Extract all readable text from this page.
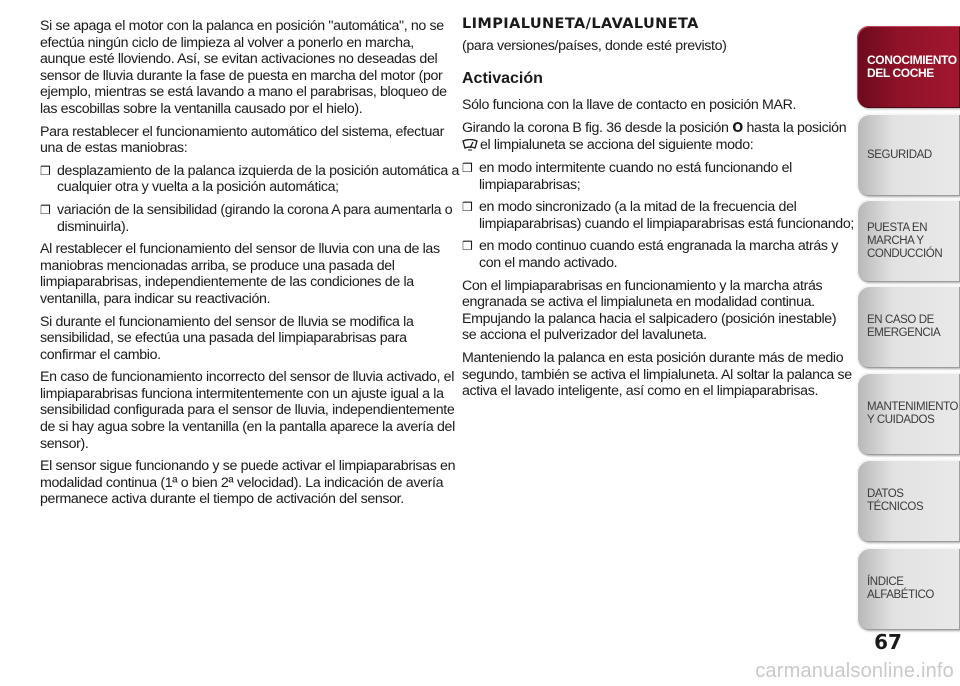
Si se apaga el motor con la palanca en posición "automática", no se efectúa ningún ciclo de limpieza al volver a ponerlo en marcha, aunque esté lloviendo. Así, se evitan activaciones no deseadas del sensor de lluvia durante la fase de puesta en marcha del motor (por ejemplo, mientras se está lavando a mano el parabrisas, bloqueo de las escobillas sobre la ventanilla causado por el hielo).

Para restablecer el funcionamiento automático del sistema, efectuar una de estas maniobras:

❒ desplazamiento de la palanca izquierda de la posición automática a cualquier otra y vuelta a la posición automática;
❒ variación de la sensibilidad (girando la corona A para aumentarla o disminuirla).

Al restablecer el funcionamiento del sensor de lluvia con una de las maniobras mencionadas arriba, se produce una pasada del limpiaparabrisas, independientemente de las condiciones de la ventanilla, para indicar su reactivación.

Si durante el funcionamiento del sensor de lluvia se modifica la sensibilidad, se efectúa una pasada del limpiaparabrisas para confirmar el cambio.

En caso de funcionamiento incorrecto del sensor de lluvia activado, el limpiaparabrisas funciona intermitentemente con un ajuste igual a la sensibilidad configurada para el sensor de lluvia, independientemente de si hay agua sobre la ventanilla (en la pantalla aparece la avería del sensor).

El sensor sigue funcionando y se puede activar el limpiaparabrisas en modalidad continua (1ª o bien 2ª velocidad). La indicación de avería permanece activa durante el tiempo de activación del sensor.

LIMPIALUNETA/LAVALUNETA

(para versiones/países, donde esté previsto)

Activación

Sólo funciona con la llave de contacto en posición MAR.

Girando la corona B fig. 36 desde la posición O hasta la posición
el limpialuneta se acciona del siguiente modo:

❒ en modo intermitente cuando no está funcionando el limpiaparabrisas;
❒ en modo sincronizado (a la mitad de la frecuencia del limpiaparabrisas) cuando el limpiaparabrisas está funcionando;
❒ en modo continuo cuando está engranada la marcha atrás y con el mando activado.

Con el limpiaparabrisas en funcionamiento y la marcha atrás engranada se activa el limpialuneta en modalidad continua.

Empujando la palanca hacia el salpicadero (posición inestable) se acciona el pulverizador del lavaluneta.

Manteniendo la palanca en esta posición durante más de medio segundo, también se activa el limpialuneta. Al soltar la palanca se activa el lavado inteligente, así como en el limpiaparabrisas.

CONOCIMIENTO DEL COCHE
SEGURIDAD
PUESTA EN MARCHA Y CONDUCCIÓN
EN CASO DE EMERGENCIA
MANTENIMIENTO Y CUIDADOS
DATOS TÉCNICOS
ÍNDICE ALFABÉTICO
67
carmanualsonline.info
